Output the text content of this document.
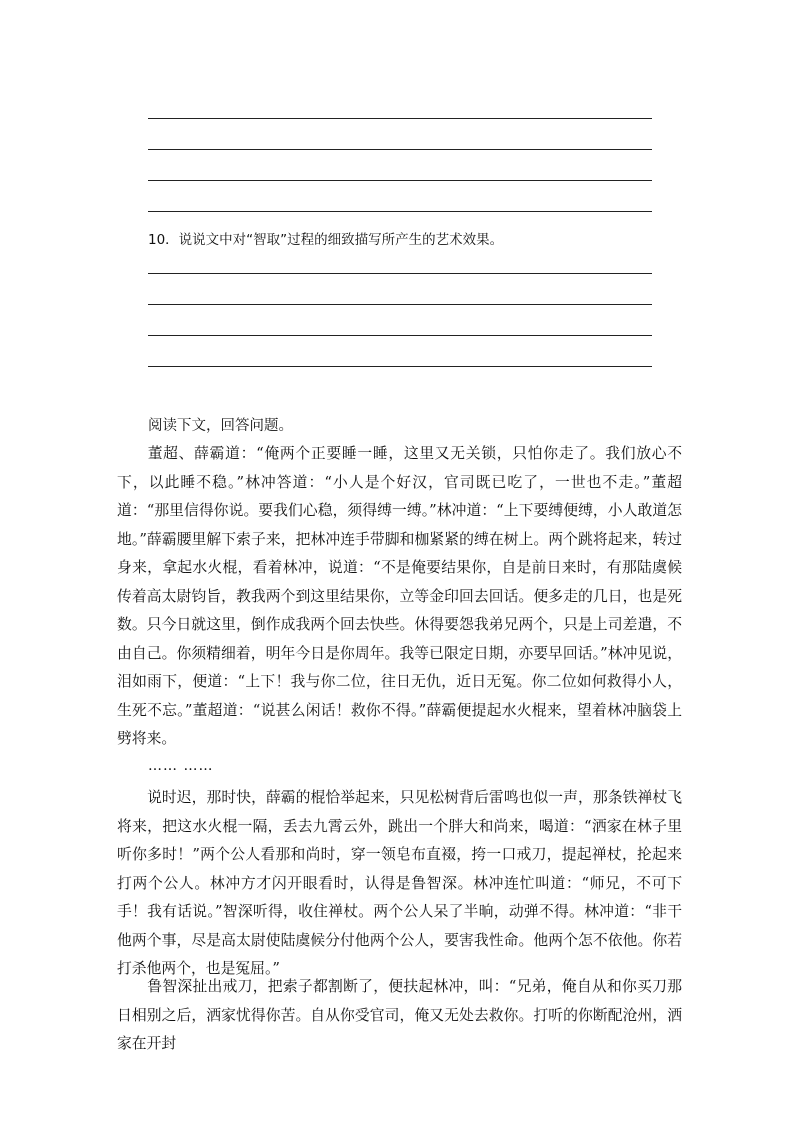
10．说说文中对“智取”过程的细致描写所产生的艺术效果。
阅读下文，回答问题。

董超、薛霸道：“俺两个正要睡一睡，这里又无关锁，只怕你走了。我们放心不下，以此睡不稳。”林冲答道：“小人是个好汉，官司既已吃了，一世也不走。”董超道：“那里信得你说。要我们心稳，须得缚一缚。”林冲道：“上下要缚便缚，小人敢道怎地。”薛霸腰里解下索子来，把林冲连手带脚和枷紧紧的缚在树上。两个跳将起来，转过身来，拿起水火棍，看着林冲，说道：“不是俺要结果你，自是前日来时，有那陆虞候传着高太尉钧旨，教我两个到这里结果你，立等金印回去回话。便多走的几日，也是死数。只今日就这里，倒作成我两个回去快些。休得要怨我弟兄两个，只是上司差遣，不由自己。你须精细着，明年今日是你周年。我等已限定日期，亦要早回话。”林冲见说，泪如雨下，便道：“上下！我与你二位，往日无仇，近日无冤。你二位如何救得小人，生死不忘。”董超道：“说甚么闲话！救你不得。”薛霸便提起水火棍来，望着林冲脑袋上劈将来。

…… ……

说时迟，那时快，薛霸的棍恰举起来，只见松树背后雷鸣也似一声，那条铁禅杖飞将来，把这水火棍一隔，丢去九霄云外，跳出一个胖大和尚来，喝道：“洒家在林子里听你多时！”两个公人看那和尚时，穿一领皂布直裰，挎一口戒刀，提起禅杖，抡起来打两个公人。林冲方才闪开眼看时，认得是鲁智深。林冲连忙叫道：“师兄，不可下手！我有话说。”智深听得，收住禅杖。两个公人呆了半晌，动弹不得。林冲道：“非干他两个事，尽是高太尉使陆虞候分付他两个公人，要害我性命。他两个怎不依他。你若打杀他两个，也是冤屈。”

鲁智深扯出戒刀，把索子都割断了，便扶起林冲，叫：“兄弟，俺自从和你买刀那日相别之后，洒家忧得你苦。自从你受官司，俺又无处去救你。打听的你断配沧州，洒家在开封
